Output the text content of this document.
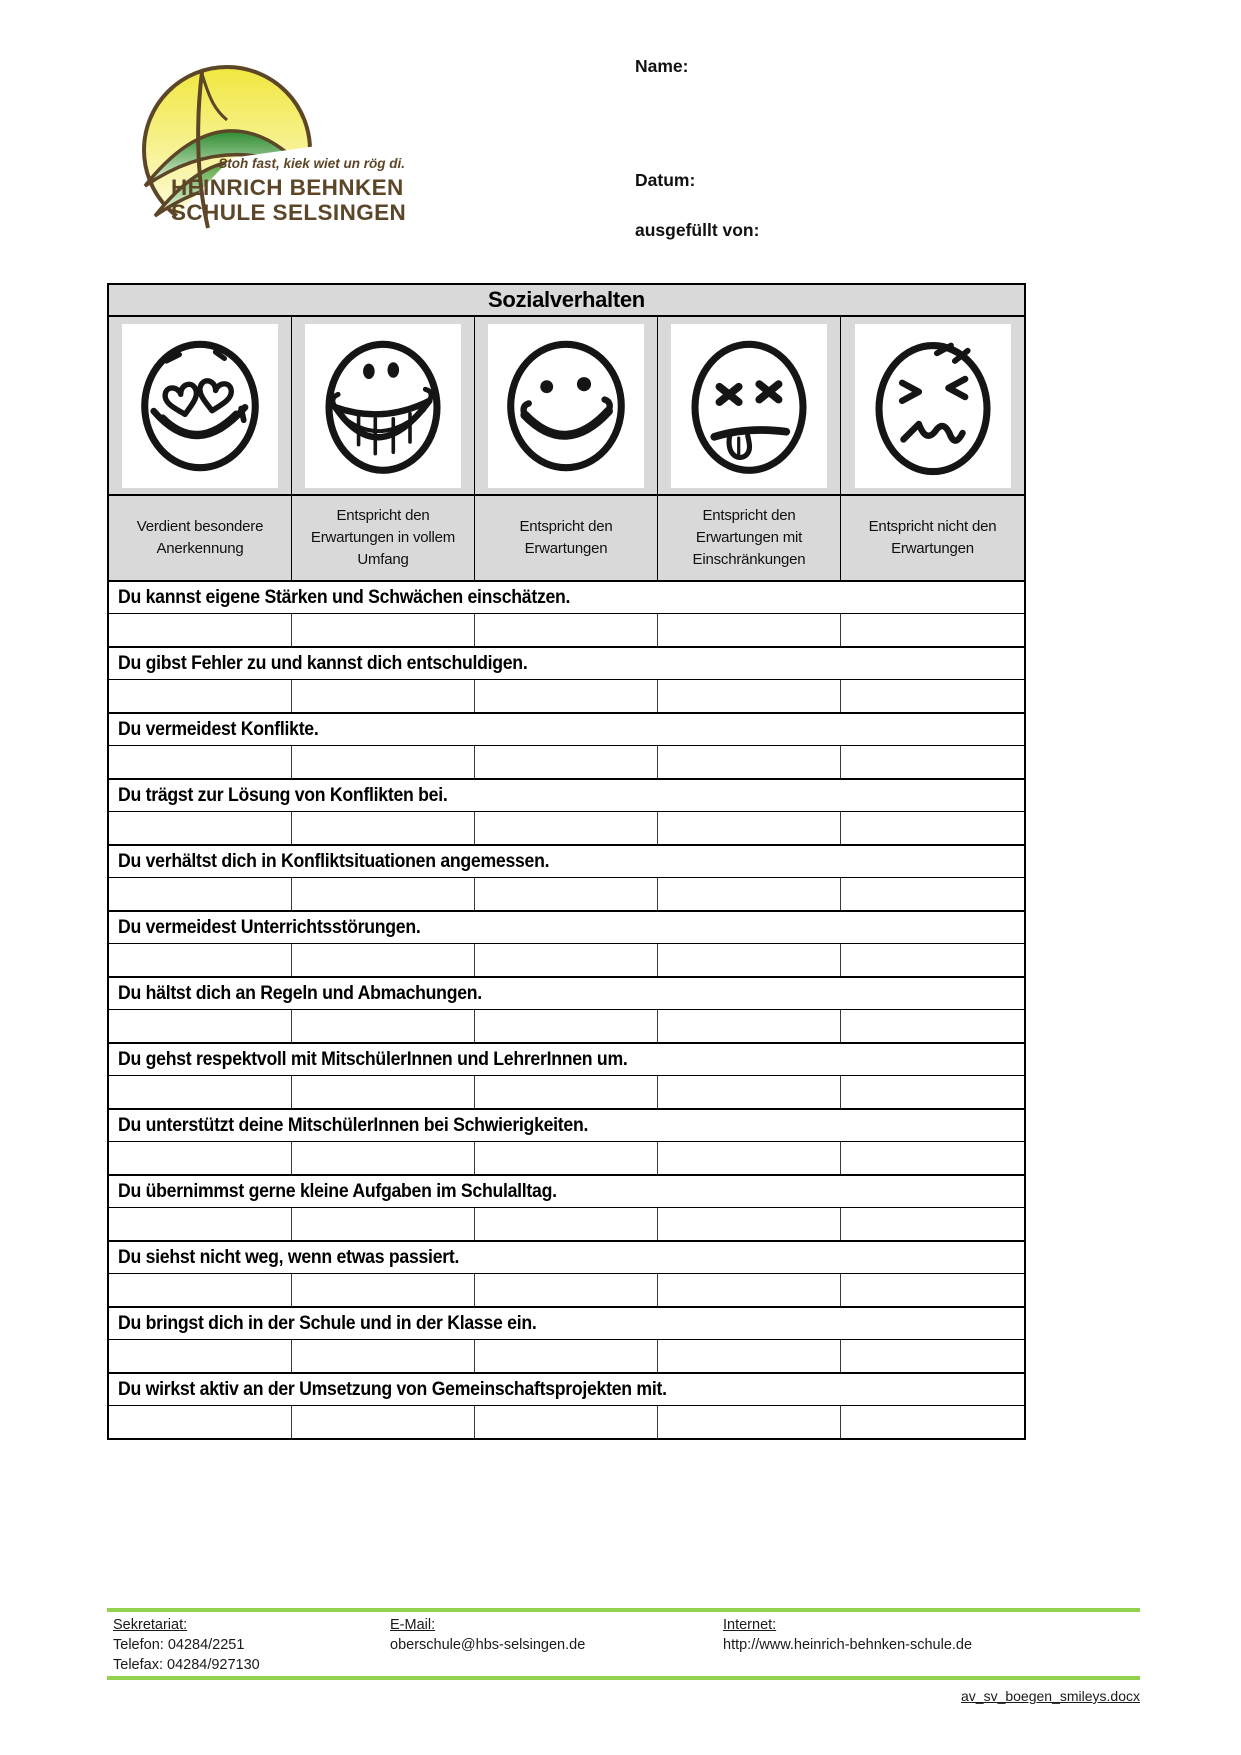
Stoh fast, kiek wiet un rög di.
HEINRICH BEHNKEN
SCHULE SELSINGEN
Name:
Datum:
ausgefüllt von:
Sozialverhalten
Verdient besondere Anerkennung
Entspricht den Erwartungen in vollem Umfang
Entspricht den Erwartungen
Entspricht den Erwartungen mit Einschränkungen
Entspricht nicht den Erwartungen
Du kannst eigene Stärken und Schwächen einschätzen.
Du gibst Fehler zu und kannst dich entschuldigen.
Du vermeidest Konflikte.
Du trägst zur Lösung von Konflikten bei.
Du verhältst dich in Konfliktsituationen angemessen.
Du vermeidest Unterrichtsstörungen.
Du hältst dich an Regeln und Abmachungen.
Du gehst respektvoll mit MitschülerInnen und LehrerInnen um.
Du unterstützt deine MitschülerInnen bei Schwierigkeiten.
Du übernimmst gerne kleine Aufgaben im Schulalltag.
Du siehst nicht weg, wenn etwas passiert.
Du bringst dich in der Schule und in der Klasse ein.
Du wirkst aktiv an der Umsetzung von Gemeinschaftsprojekten mit.
Sekretariat:
Telefon: 04284/2251
Telefax: 04284/927130
E-Mail:
oberschule@hbs-selsingen.de
Internet:
http://www.heinrich-behnken-schule.de
av_sv_boegen_smileys.docx
